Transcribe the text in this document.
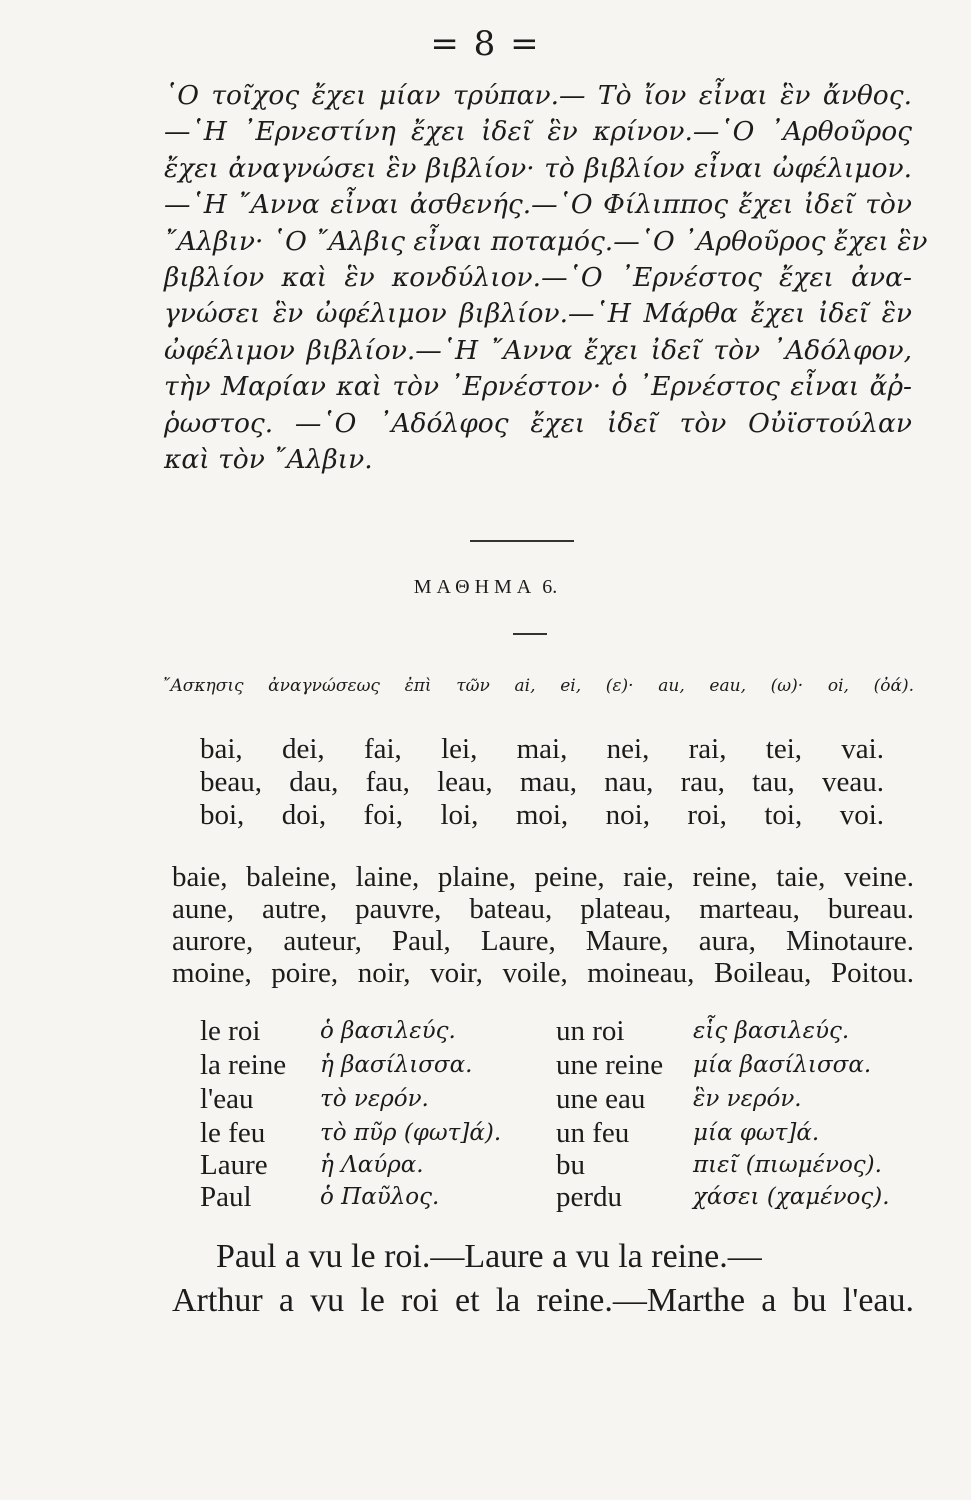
= 8 =
῾Ο τοῖχος ἔχει μίαν τρύπαν.— Τὸ ἴον εἶναι ἓν ἄνθος.
—῾Η ᾿Ερνεστίνη ἔχει ἰδεῖ ἓν κρίνον.—῾Ο ᾿Αρθοῦρος
ἔχει ἀναγνώσει ἓν βιβλίον· τὸ βιβλίον εἶναι ὠφέλιμον.
—῾Η ῎Αννα εἶναι ἀσθενής.—῾Ο Φίλιππος ἔχει ἰδεῖ τὸν
῎Αλβιν· ῾Ο ῎Αλβις εἶναι ποταμός.—῾Ο ᾿Αρθοῦρος ἔχει ἓν
βιβλίον καὶ ἓν κονδύλιον.—῾Ο ᾿Ερνέστος ἔχει ἀνα-
γνώσει ἓν ὠφέλιμον βιβλίον.—῾Η Μάρθα ἔχει ἰδεῖ ἓν
ὠφέλιμον βιβλίον.—῾Η ῎Αννα ἔχει ἰδεῖ τὸν ᾿Αδόλφον,
τὴν Μαρίαν καὶ τὸν ᾿Ερνέστον· ὁ ᾿Ερνέστος εἶναι ἄῤ-
ῥωστος. —῾Ο ᾿Αδόλφος ἔχει ἰδεῖ τὸν Οὐϊστούλαν
καὶ τὸν ῎Αλβιν.
ΜΑΘΗΜΑ 6.
῎Ασκησις ἀναγνώσεως ἐπὶ τῶν ai, ei, (ε)· au, eau, (ω)· oi, (ὀά).
bai, dei, fai, lei, mai, nei, rai, tei, vai.
beau, dau, fau, leau, mau, nau, rau, tau, veau.
boi, doi, foi, loi, moi, noi, roi, toi, voi.
baie, baleine, laine, plaine, peine, raie, reine, taie, veine.
aune, autre, pauvre, bateau, plateau, marteau, bureau.
aurore, auteur, Paul, Laure, Maure, aura, Minotaure.
moine, poire, noir, voir, voile, moineau, Boileau, Poitou.
le roi	ὁ βασιλεύς.	un roi	εἷς βασιλεύς.
la reine ἡ βασίλισσα.	une reine μία βασίλισσα.
l'eau	τὸ νερόν.	une eau ἓν νερόν.
le feu τὸ πῦρ (φωτ]ά). un feu	μία φωτ]ά.
Laure ἡ Λαύρα.	bu	πιεῖ (πιωμένος).
Paul	ὁ Παῦλος.	perdu	χάσει (χαμένος).
Paul a vu le roi.—Laure a vu la reine.—
Arthur a vu le roi et la reine.—Marthe a bu l'eau.
